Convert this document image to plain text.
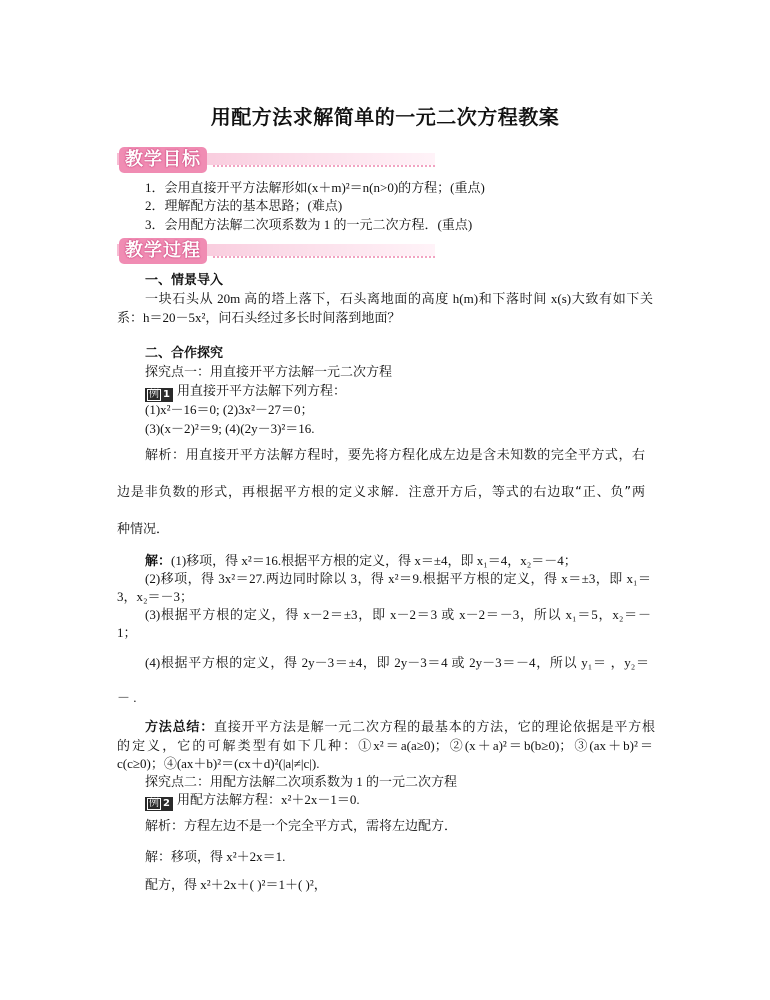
用配方法求解简单的一元二次方程教案
教学目标
1．会用直接开平方法解形如(x＋m)²＝n(n>0)的方程；(重点)
2．理解配方法的基本思路；(难点)
3．会用配方法解二次项系数为 1 的一元二次方程．(重点)
教学过程
一、情景导入
一块石头从 20m 高的塔上落下，石头离地面的高度 h(m)和下落时间 x(s)大致有如下关
系：h＝20－5x²，问石头经过多长时间落到地面？
二、合作探究
探究点一：用直接开平方法解一元二次方程
例 1 用直接开平方法解下列方程：
(1)x²－16＝0; (2)3x²－27＝0；
(3)(x－2)²＝9; (4)(2y－3)²＝16.
解析：用直接开平方法解方程时，要先将方程化成左边是含未知数的完全平方式，右
边是非负数的形式，再根据平方根的定义求解．注意开方后，等式的右边取“正、负”两
种情况．
解：(1)移项，得 x²＝16.根据平方根的定义，得 x＝±4，即 x₁＝4，x₂＝－4；
(2)移项，得 3x²＝27.两边同时除以 3，得 x²＝9.根据平方根的定义，得 x＝±3，即 x₁＝
3，x₂＝－3；
(3)根据平方根的定义，得 x－2＝±3，即 x－2＝3 或 x－2＝－3，所以 x₁＝5，x₂＝－
1；
(4)根据平方根的定义，得 2y－3＝±4，即 2y－3＝4 或 2y－3＝－4，所以 y₁＝ ，y₂＝
－ .
方法总结：直接开平方法是解一元二次方程的最基本的方法，它的理论依据是平方根
的定义，它的可解类型有如下几种：①x²＝a(a≥0)；②(x＋a)²＝b(b≥0)；③(ax＋b)²＝
c(c≥0)；④(ax＋b)²＝(cx＋d)²(|a|≠|c|).
探究点二：用配方法解二次项系数为 1 的一元二次方程
例 2 用配方法解方程：x²＋2x－1＝0.
解析：方程左边不是一个完全平方式，需将左边配方．
解：移项，得 x²＋2x＝1.
配方，得 x²＋2x＋( )²＝1＋( )²，
